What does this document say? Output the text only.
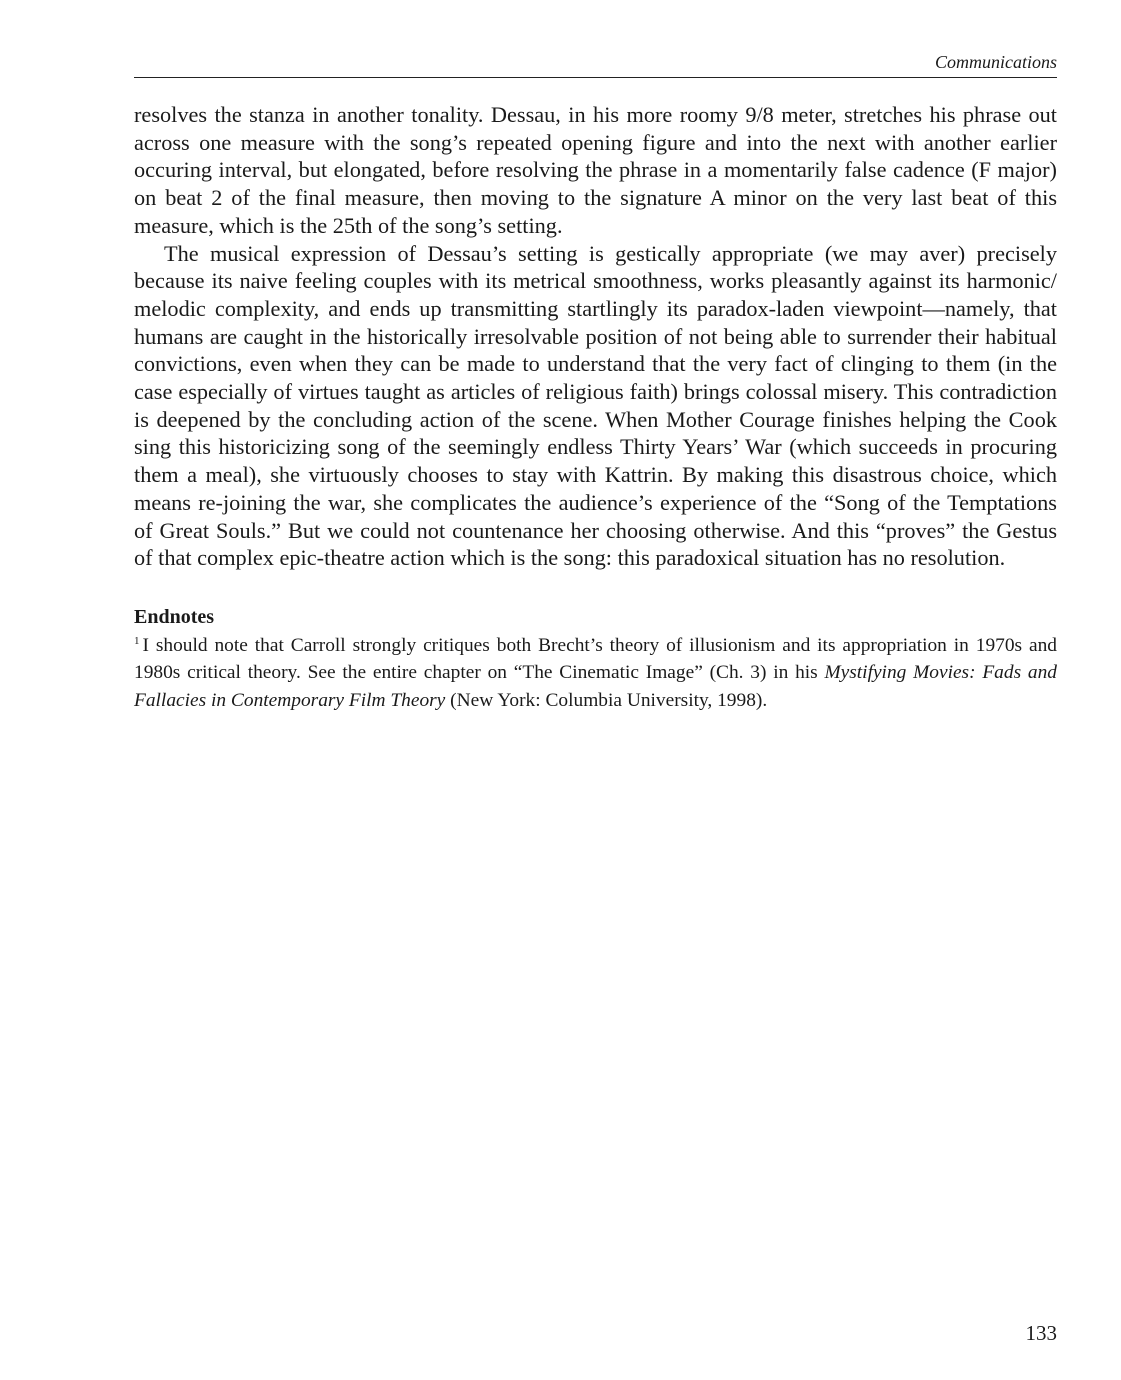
Communications

resolves the stanza in another tonality. Dessau, in his more roomy 9/8 meter, stretches his phrase out across one measure with the song’s repeated opening figure and into the next with another earlier occuring interval, but elongated, before resolving the phrase in a momentarily false cadence (F major) on beat 2 of the final measure, then moving to the signature A minor on the very last beat of this measure, which is the 25th of the song’s setting.

The musical expression of Dessau’s setting is gestically appropriate (we may aver) precisely because its naive feeling couples with its metrical smoothness, works pleasantly against its harmonic/ melodic complexity, and ends up transmitting startlingly its paradox-laden viewpoint—namely, that humans are caught in the historically irresolvable position of not being able to surrender their habitual convictions, even when they can be made to understand that the very fact of clinging to them (in the case especially of virtues taught as articles of religious faith) brings colossal misery. This contradiction is deepened by the concluding action of the scene. When Mother Courage finishes helping the Cook sing this historicizing song of the seemingly endless Thirty Years’ War (which succeeds in procuring them a meal), she virtuously chooses to stay with Kattrin. By making this disastrous choice, which means re-joining the war, she complicates the audience’s experience of the “Song of the Temptations of Great Souls.” But we could not countenance her choosing otherwise. And this “proves” the Gestus of that complex epic-theatre action which is the song: this paradoxical situation has no resolution.

Endnotes

$^1$ I should note that Carroll strongly critiques both Brecht’s theory of illusionism and its appropriation in 1970s and 1980s critical theory. See the entire chapter on “The Cinematic Image” (Ch. 3) in his Mystifying Movies: Fads and Fallacies in Contemporary Film Theory (New York: Columbia University, 1998).

133
